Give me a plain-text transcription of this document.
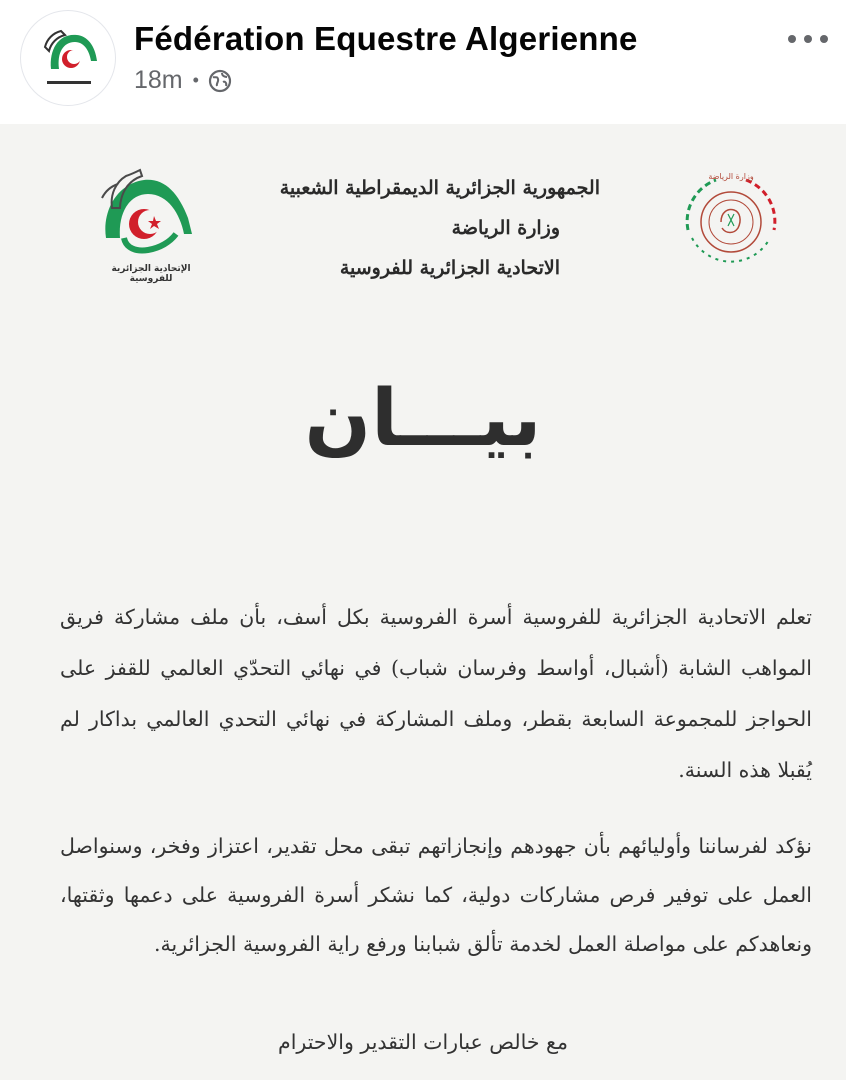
Fédération Equestre Algerienne
18m •
الإتحادية الجزائرية للفروسية
الجمهورية الجزائرية الديمقراطية الشعبية
وزارة الرياضة
الاتحادية الجزائرية للفروسية
وزارة الرياضة
بيـــان
تعلم الاتحادية الجزائرية للفروسية أسرة الفروسية بكل أسف، بأن ملف مشاركة فريق المواهب الشابة (أشبال، أواسط وفرسان شباب) في نهائي التحدّي العالمي للقفز على الحواجز للمجموعة السابعة بقطر، وملف المشاركة في نهائي التحدي العالمي بداكار لم يُقبلا هذه السنة.
نؤكد لفرساننا وأوليائهم بأن جهودهم وإنجازاتهم تبقى محل تقدير، اعتزاز وفخر، وسنواصل العمل على توفير فرص مشاركات دولية، كما نشكر أسرة الفروسية على دعمها وثقتها، ونعاهدكم على مواصلة العمل لخدمة تألق شبابنا ورفع راية الفروسية الجزائرية.
مع خالص عبارات التقدير والاحترام
